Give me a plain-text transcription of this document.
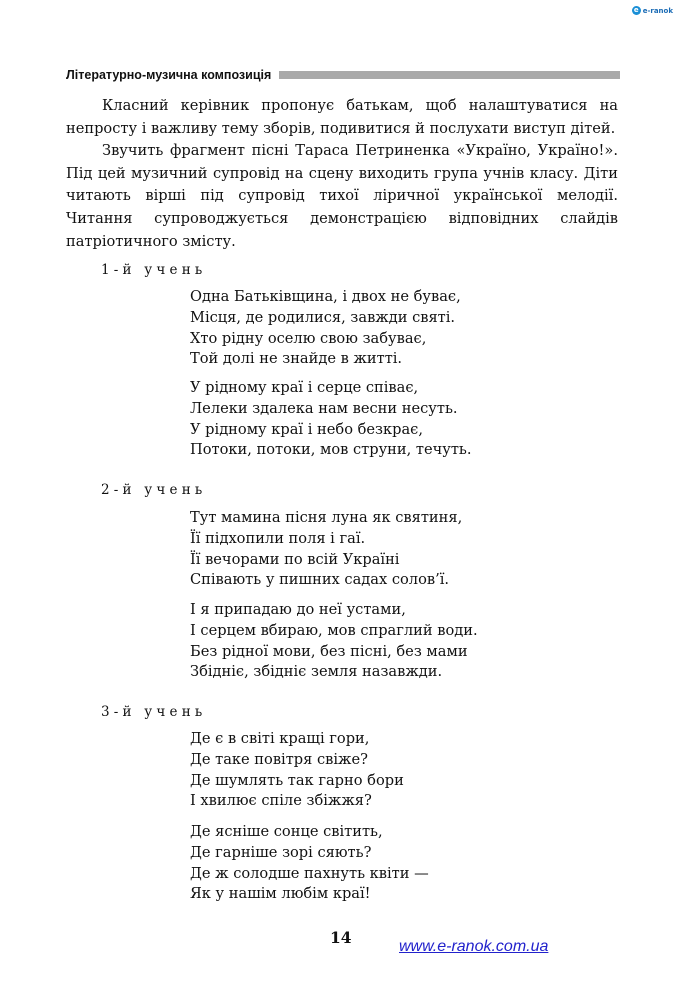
e e-ranok
Літературно-музична композиція

Класний керівник пропонує батькам, щоб налаштуватися на непросту і важливу тему зборів, подивитися й послухати виступ дітей.

Звучить фрагмент пісні Тараса Петриненка «Україно, Україно!». Під цей музичний супровід на сцену виходить група учнів класу. Діти читають вірші під супровід тихої ліричної української мелодії. Читання супроводжується демонстрацією відповідних слайдів патріотичного змісту.

1-й учень
Одна Батьківщина, і двох не буває,
Місця, де родилися, завжди святі.
Хто рідну оселю свою забуває,
Той долі не знайде в житті.
У рідному краї і серце співає,
Лелеки здалека нам весни несуть.
У рідному краї і небо безкрає,
Потоки, потоки, мов струни, течуть.
2-й учень
Тут мамина пісня луна як святиня,
Її підхопили поля і гаї.
Її вечорами по всій Україні
Співають у пишних садах солов’ї.
І я припадаю до неї устами,
І серцем вбираю, мов спраглий води.
Без рідної мови, без пісні, без мами
Збідніє, збідніє земля назавжди.
3-й учень
Де є в світі кращі гори,
Де таке повітря свіже?
Де шумлять так гарно бори
І хвилює спіле збіжжя?
Де ясніше сонце світить,
Де гарніше зорі сяють?
Де ж солодше пахнуть квіти —
Як у нашім любім краї!
14	www.e-ranok.com.ua
